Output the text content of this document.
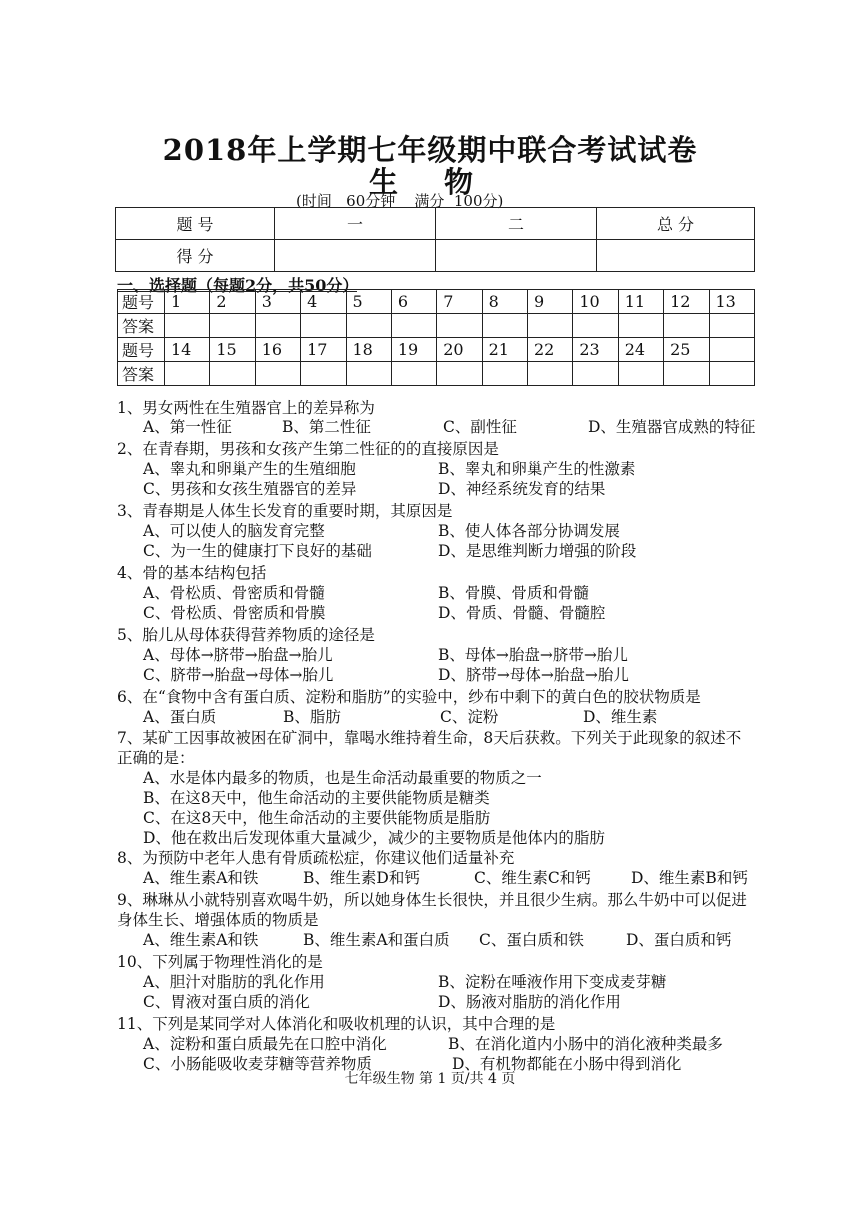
2018年上学期七年级期中联合考试试卷
生 物
(时间   60分钟    满分  100分)
题 号	一	二	总 分
得 分			
一、选择题（每题2分，共50分）
题号	1	2	3	4	5	6	7	8	9	10	11	12	13
答案													
题号	14	15	16	17	18	19	20	21	22	23	24	25	
答案													
1、男女两性在生殖器官上的差异称为
A、第一性征	B、第二性征	C、副性征	D、生殖器官成熟的特征
2、在青春期，男孩和女孩产生第二性征的的直接原因是
A、睾丸和卵巢产生的生殖细胞	B、睾丸和卵巢产生的性激素
C、男孩和女孩生殖器官的差异	D、神经系统发育的结果
3、青春期是人体生长发育的重要时期，其原因是
A、可以使人的脑发育完整	B、使人体各部分协调发展
C、为一生的健康打下良好的基础	D、是思维判断力增强的阶段
4、骨的基本结构包括
A、骨松质、骨密质和骨髓	B、骨膜、骨质和骨髓
C、骨松质、骨密质和骨膜	D、骨质、骨髓、骨髓腔
5、胎儿从母体获得营养物质的途径是
A、母体→脐带→胎盘→胎儿	B、母体→胎盘→脐带→胎儿
C、脐带→胎盘→母体→胎儿	D、脐带→母体→胎盘→胎儿
6、在“食物中含有蛋白质、淀粉和脂肪”的实验中，纱布中剩下的黄白色的胶状物质是
A、蛋白质	B、脂肪	C、淀粉	D、维生素
7、某矿工因事故被困在矿洞中，靠喝水维持着生命，8天后获救。下列关于此现象的叙述不
正确的是：
A、水是体内最多的物质，也是生命活动最重要的物质之一
B、在这8天中，他生命活动的主要供能物质是糖类
C、在这8天中，他生命活动的主要供能物质是脂肪
D、他在救出后发现体重大量减少，减少的主要物质是他体内的脂肪
8、为预防中老年人患有骨质疏松症，你建议他们适量补充
A、维生素A和铁	B、维生素D和钙	C、维生素C和钙	D、维生素B和钙
9、琳琳从小就特别喜欢喝牛奶，所以她身体生长很快，并且很少生病。那么牛奶中可以促进
身体生长、增强体质的物质是
A、维生素A和铁	B、维生素A和蛋白质 C、蛋白质和铁	D、蛋白质和钙
10、下列属于物理性消化的是
A、胆汁对脂肪的乳化作用	B、淀粉在唾液作用下变成麦芽糖
C、胃液对蛋白质的消化	D、肠液对脂肪的消化作用
11、下列是某同学对人体消化和吸收机理的认识，其中合理的是
A、淀粉和蛋白质最先在口腔中消化	B、在消化道内小肠中的消化液种类最多
C、小肠能吸收麦芽糖等营养物质	D、有机物都能在小肠中得到消化
七年级生物 第 1 页/共 4 页
